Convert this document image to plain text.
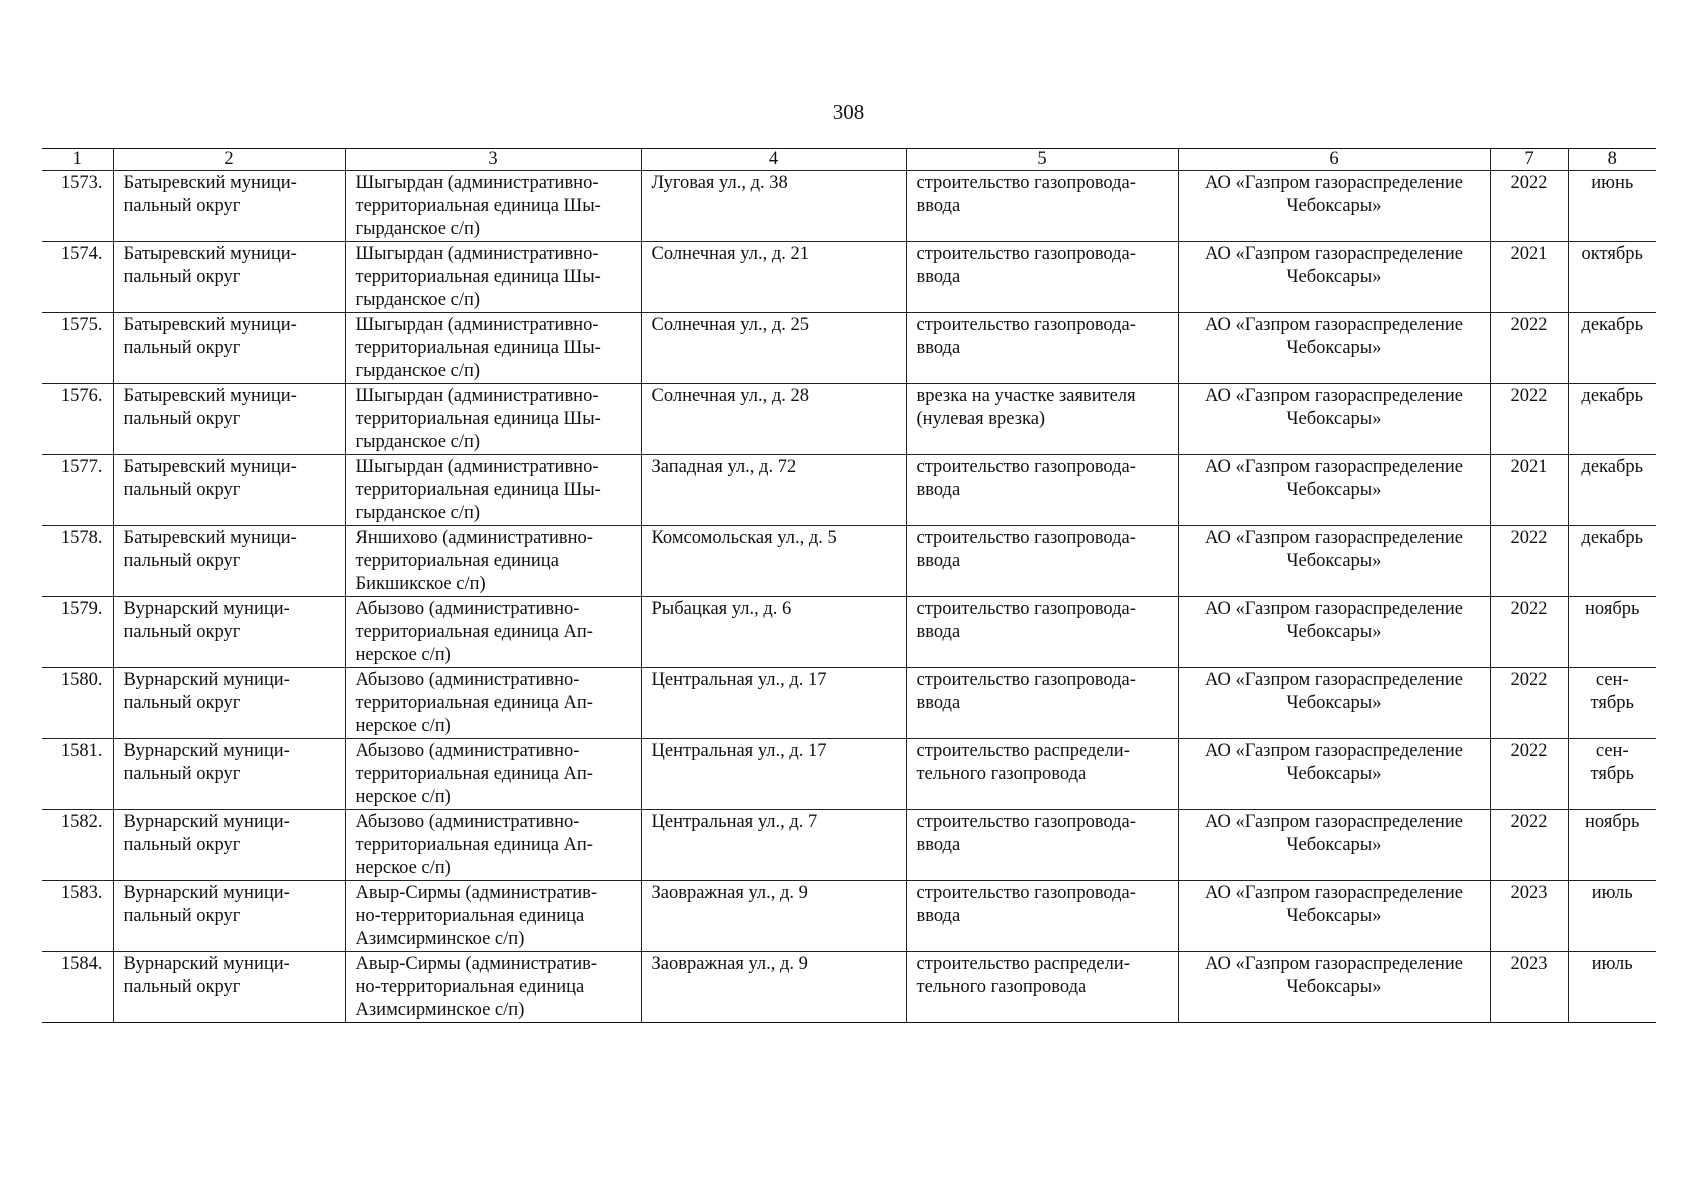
308
1	2	3	4	5	6	7	8
1573.	Батыревский муници-
пальный округ	Шыгырдан (административно-
территориальная единица Шы-
гырданское с/п)	Луговая ул., д. 38	строительство газопровода-
ввода	АО «Газпром газораспределение
Чебоксары»	2022	июнь

1574.	Батыревский муници-
пальный округ	Шыгырдан (административно-
территориальная единица Шы-
гырданское с/п)	Солнечная ул., д. 21	строительство газопровода-
ввода	АО «Газпром газораспределение
Чебоксары»	2021	октябрь

1575.	Батыревский муници-
пальный округ	Шыгырдан (административно-
территориальная единица Шы-
гырданское с/п)	Солнечная ул., д. 25	строительство газопровода-
ввода	АО «Газпром газораспределение
Чебоксары»	2022	декабрь

1576.	Батыревский муници-
пальный округ	Шыгырдан (административно-
территориальная единица Шы-
гырданское с/п)	Солнечная ул., д. 28	врезка на участке заявителя
(нулевая врезка)	АО «Газпром газораспределение
Чебоксары»	2022	декабрь

1577.	Батыревский муници-
пальный округ	Шыгырдан (административно-
территориальная единица Шы-
гырданское с/п)	Западная ул., д. 72	строительство газопровода-
ввода	АО «Газпром газораспределение
Чебоксары»	2021	декабрь

1578.	Батыревский муници-
пальный округ	Яншихово (административно-
территориальная единица
Бикшикское с/п)	Комсомольская ул., д. 5	строительство газопровода-
ввода	АО «Газпром газораспределение
Чебоксары»	2022	декабрь

1579.	Вурнарский муници-
пальный округ	Абызово (административно-
территориальная единица Ап-
нерское с/п)	Рыбацкая ул., д. 6	строительство газопровода-
ввода	АО «Газпром газораспределение
Чебоксары»	2022	ноябрь

1580.	Вурнарский муници-
пальный округ	Абызово (административно-
территориальная единица Ап-
нерское с/п)	Центральная ул., д. 17	строительство газопровода-
ввода	АО «Газпром газораспределение
Чебоксары»	2022	сен-
тябрь

1581.	Вурнарский муници-
пальный округ	Абызово (административно-
территориальная единица Ап-
нерское с/п)	Центральная ул., д. 17	строительство распредели-
тельного газопровода	АО «Газпром газораспределение
Чебоксары»	2022	сен-
тябрь

1582.	Вурнарский муници-
пальный округ	Абызово (административно-
территориальная единица Ап-
нерское с/п)	Центральная ул., д. 7	строительство газопровода-
ввода	АО «Газпром газораспределение
Чебоксары»	2022	ноябрь

1583.	Вурнарский муници-
пальный округ	Авыр-Сирмы (административ-
но-территориальная единица
Азимсирминское с/п)	Заовражная ул., д. 9	строительство газопровода-
ввода	АО «Газпром газораспределение
Чебоксары»	2023	июль

1584.	Вурнарский муници-
пальный округ	Авыр-Сирмы (административ-
но-территориальная единица
Азимсирминское с/п)	Заовражная ул., д. 9	строительство распредели-
тельного газопровода	АО «Газпром газораспределение
Чебоксары»	2023	июль
